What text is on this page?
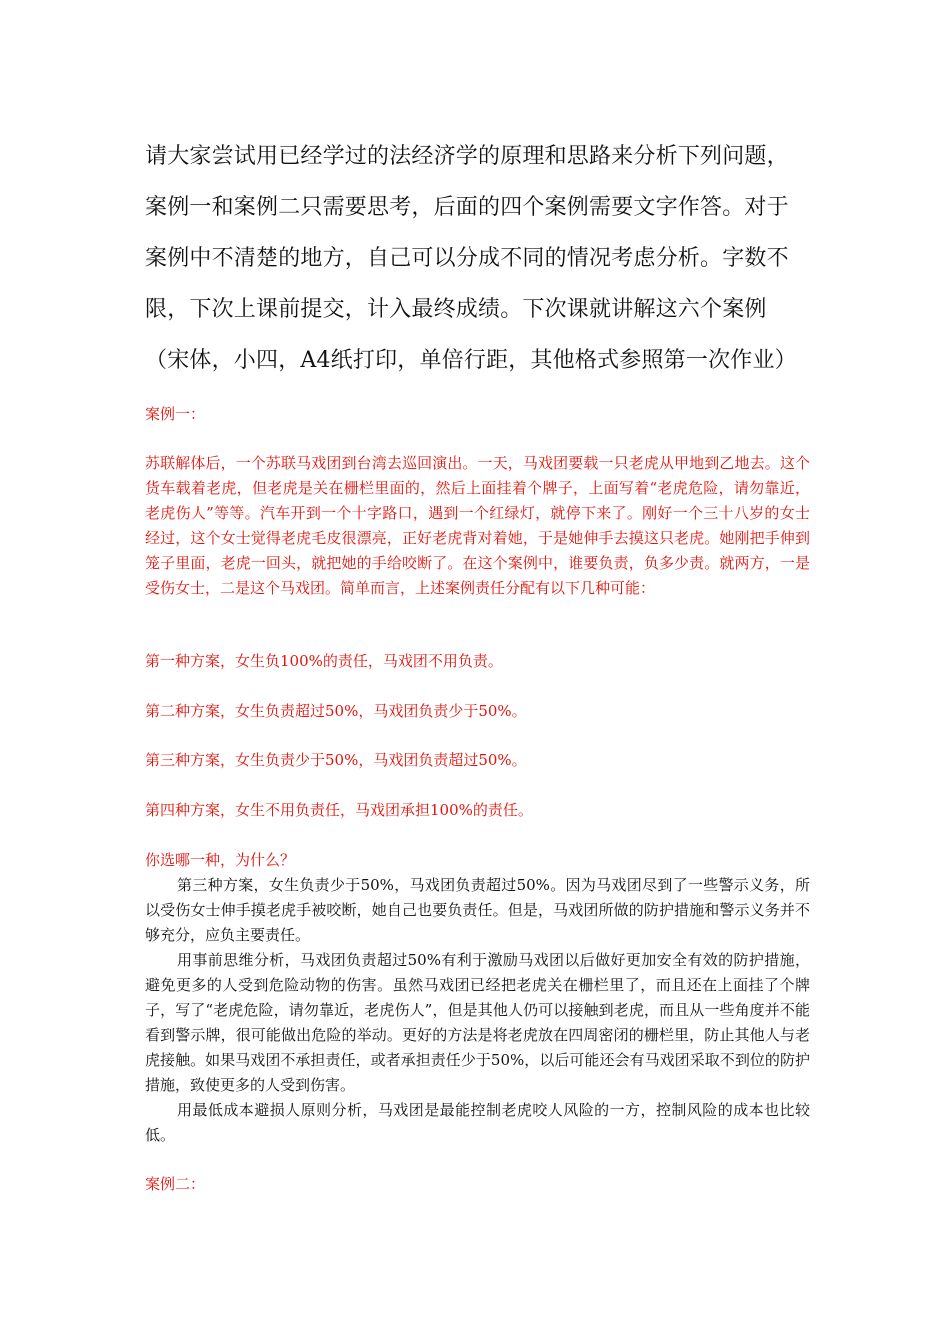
请大家尝试用已经学过的法经济学的原理和思路来分析下列问题，

案例一和案例二只需要思考，后面的四个案例需要文字作答。对于

案例中不清楚的地方，自己可以分成不同的情况考虑分析。字数不

限，下次上课前提交，计入最终成绩。下次课就讲解这六个案例

（宋体，小四，A4纸打印，单倍行距，其他格式参照第一次作业）

案例一：
苏联解体后，一个苏联马戏团到台湾去巡回演出。一天，马戏团要载一只老虎从甲地到乙地去。这个货车载着老虎，但老虎是关在栅栏里面的，然后上面挂着个牌子，上面写着“老虎危险，请勿靠近，老虎伤人”等等。汽车开到一个十字路口，遇到一个红绿灯，就停下来了。刚好一个三十八岁的女士经过，这个女士觉得老虎毛皮很漂亮，正好老虎背对着她，于是她伸手去摸这只老虎。她刚把手伸到笼子里面，老虎一回头，就把她的手给咬断了。在这个案例中，谁要负责，负多少责。就两方，一是受伤女士，二是这个马戏团。简单而言，上述案例责任分配有以下几种可能：
第一种方案，女生负100%的责任，马戏团不用负责。
第二种方案，女生负责超过50%，马戏团负责少于50%。
第三种方案，女生负责少于50%，马戏团负责超过50%。
第四种方案，女生不用负责任，马戏团承担100%的责任。

你选哪一种，为什么？

第三种方案，女生负责少于50%，马戏团负责超过50%。因为马戏团尽到了一些警示义务，所以受伤女士伸手摸老虎手被咬断，她自己也要负责任。但是，马戏团所做的防护措施和警示义务并不够充分，应负主要责任。

用事前思维分析，马戏团负责超过50%有利于激励马戏团以后做好更加安全有效的防护措施，避免更多的人受到危险动物的伤害。虽然马戏团已经把老虎关在栅栏里了，而且还在上面挂了个牌子，写了“老虎危险，请勿靠近，老虎伤人”，但是其他人仍可以接触到老虎，而且从一些角度并不能看到警示牌，很可能做出危险的举动。更好的方法是将老虎放在四周密闭的栅栏里，防止其他人与老虎接触。如果马戏团不承担责任，或者承担责任少于50%，以后可能还会有马戏团采取不到位的防护措施，致使更多的人受到伤害。

用最低成本避损人原则分析，马戏团是最能控制老虎咬人风险的一方，控制风险的成本也比较低。

案例二：
